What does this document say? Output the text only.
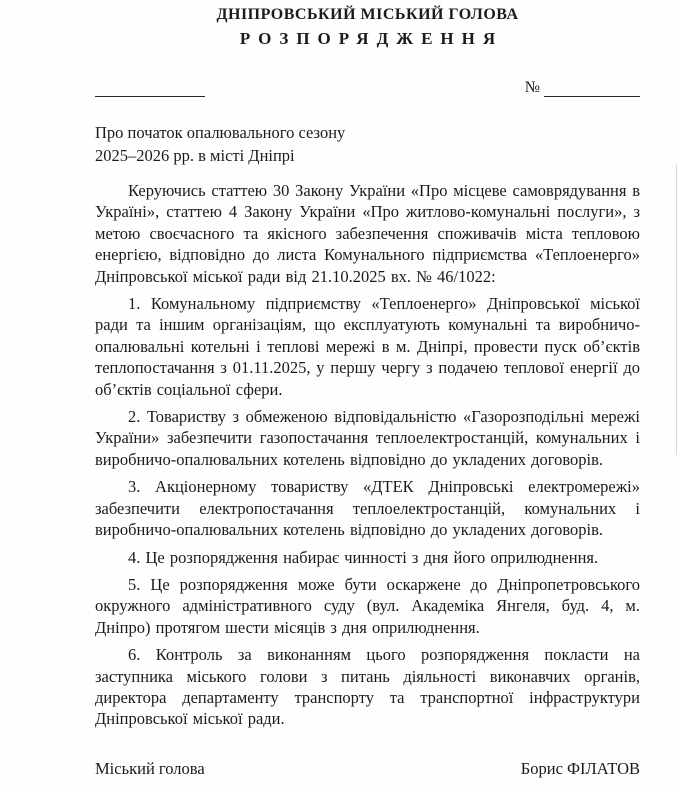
ДНІПРОВСЬКИЙ МІСЬКИЙ ГОЛОВА
РОЗПОРЯДЖЕННЯ
№
Про початок опалювального сезону
2025–2026 рр. в місті Дніпрі

Керуючись статтею 30 Закону України «Про місцеве самоврядування в Україні», статтею 4 Закону України «Про житлово-комунальні послуги», з метою своєчасного та якісного забезпечення споживачів міста тепловою енергією, відповідно до листа Комунального підприємства «Теплоенерго» Дніпровської міської ради від 21.10.2025 вх. № 46/1022:

1. Комунальному підприємству «Теплоенерго» Дніпровської міської ради та іншим організаціям, що експлуатують комунальні та виробничо-опалювальні котельні і теплові мережі в м. Дніпрі, провести пуск об’єктів теплопостачання з 01.11.2025, у першу чергу з подачею теплової енергії до об’єктів соціальної сфери.

2. Товариству з обмеженою відповідальністю «Газорозподільні мережі України» забезпечити газопостачання теплоелектростанцій, комунальних і виробничо-опалювальних котелень відповідно до укладених договорів.

3. Акціонерному товариству «ДТЕК Дніпровські електромережі» забезпечити електропостачання теплоелектростанцій, комунальних і виробничо-опалювальних котелень відповідно до укладених договорів.

4. Це розпорядження набирає чинності з дня його оприлюднення.

5. Це розпорядження може бути оскаржене до Дніпропетровського окружного адміністративного суду (вул. Академіка Янгеля, буд. 4, м. Дніпро) протягом шести місяців з дня оприлюднення.

6. Контроль за виконанням цього розпорядження покласти на заступника міського голови з питань діяльності виконавчих органів, директора департаменту транспорту та транспортної інфраструктури Дніпровської міської ради.

Міський голова	Борис ФІЛАТОВ
